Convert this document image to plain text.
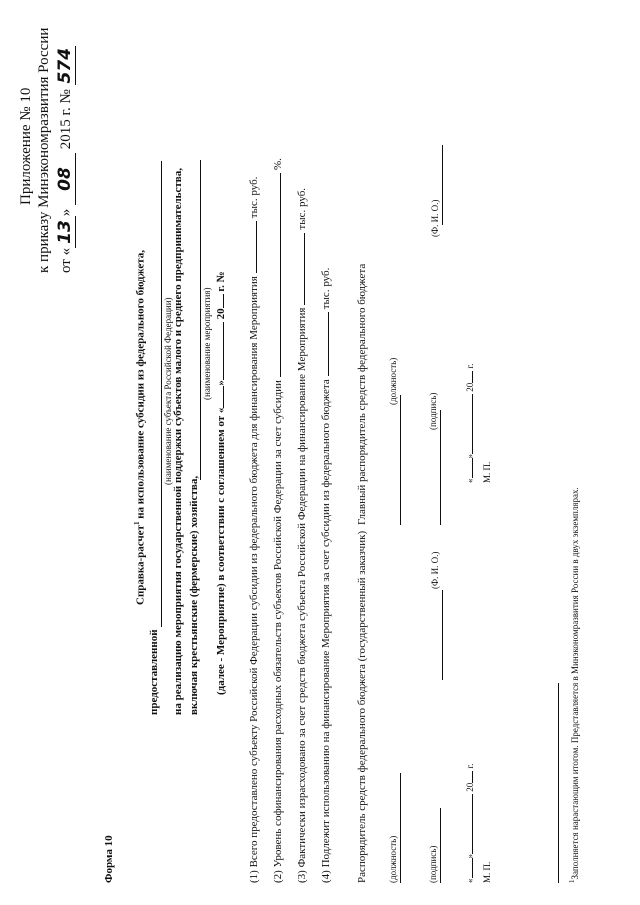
Приложение № 10 к приказу Минэкономразвития России от «13» 08 2015 г. № 574
Форма 10
Справка-расчет$^1$ на использование субсидии из федерального бюджета,
предоставленной
(наименование субъекта Российской Федерации) на реализацию мероприятия государственной поддержки субъектов малого и среднего предпринимательства, включая крестьянские (фермерские) хозяйства,
(наименование мероприятия)
(далее - Мероприятие) в соответствии с соглашением от «» 20 г. № (1) Всего предоставлено субъекту Российской Федерации субсидии из федерального бюджета для финансирования Мероприятиятыс. руб.
(2) Уровень софинансирования расходных обязательств субъектов Российской Федерации за счет субсидии%.
(3) Фактически израсходовано за счет средств бюджета субъекта Российской Федерации на финансирование Мероприятиятыс. руб.
(4) Подлежит использованию на финансирование Мероприятия за счет субсидии из федерального бюджетатыс. руб.
Распорядитель средств федерального бюджета (государственный заказчик)
Главный распорядитель средств федерального бюджета
(должность)	(подпись)
(Ф. И. О.)
«» 20 г.
М. П.
(должность)
(подпись)
(Ф. И. О.)
«» 20 г.
М. П.
$^1$Заполняется нарастающим итогом. Представляется в Минэкономразвития России в двух экземплярах.
